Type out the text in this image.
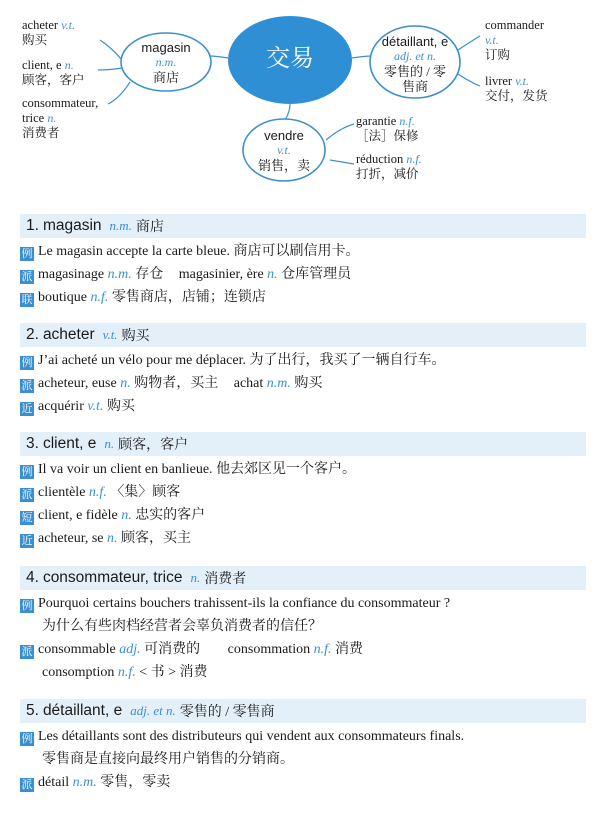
交易
magasin
n.m.
商店
détaillant, e
adj. et n.
零售的 / 零
售商
vendre
v.t.
销售，卖
acheter v.t.
购买
client, e n.
顾客，客户
consommateur,
trice n.
消费者
commander
v.t.
订购
livrer v.t.
交付，发货
garantie n.f.
［法］保修
réduction n.f.
打折，减价
1. magasin n.m. 商店
例 Le magasin accepte la carte bleue. 商店可以刷信用卡。
派 magasinage n.m. 存仓 magasinier, ère n. 仓库管理员
联 boutique n.f. 零售商店，店铺；连锁店
2. acheter v.t. 购买
例 J’ai acheté un vélo pour me déplacer. 为了出行，我买了一辆自行车。
派 acheteur, euse n. 购物者，买主 achat n.m. 购买
近 acquérir v.t. 购买
3. client, e n. 顾客，客户
例 Il va voir un client en banlieue. 他去郊区见一个客户。
派 clientèle n.f. 〈集〉顾客
短 client, e fidèle n. 忠实的客户
近 acheteur, se n. 顾客，买主
4. consommateur, trice n. 消费者
例 Pourquoi certains bouchers trahissent-ils la confiance du consommateur ?
为什么有些肉档经营者会辜负消费者的信任？
派 consommable adj. 可消费的 consommation n.f. 消费
consomption n.f. < 书 > 消费
5. détaillant, e adj. et n. 零售的 / 零售商
例 Les détaillants sont des distributeurs qui vendent aux consommateurs finals.
零售商是直接向最终用户销售的分销商。
派 détail n.m. 零售，零卖
